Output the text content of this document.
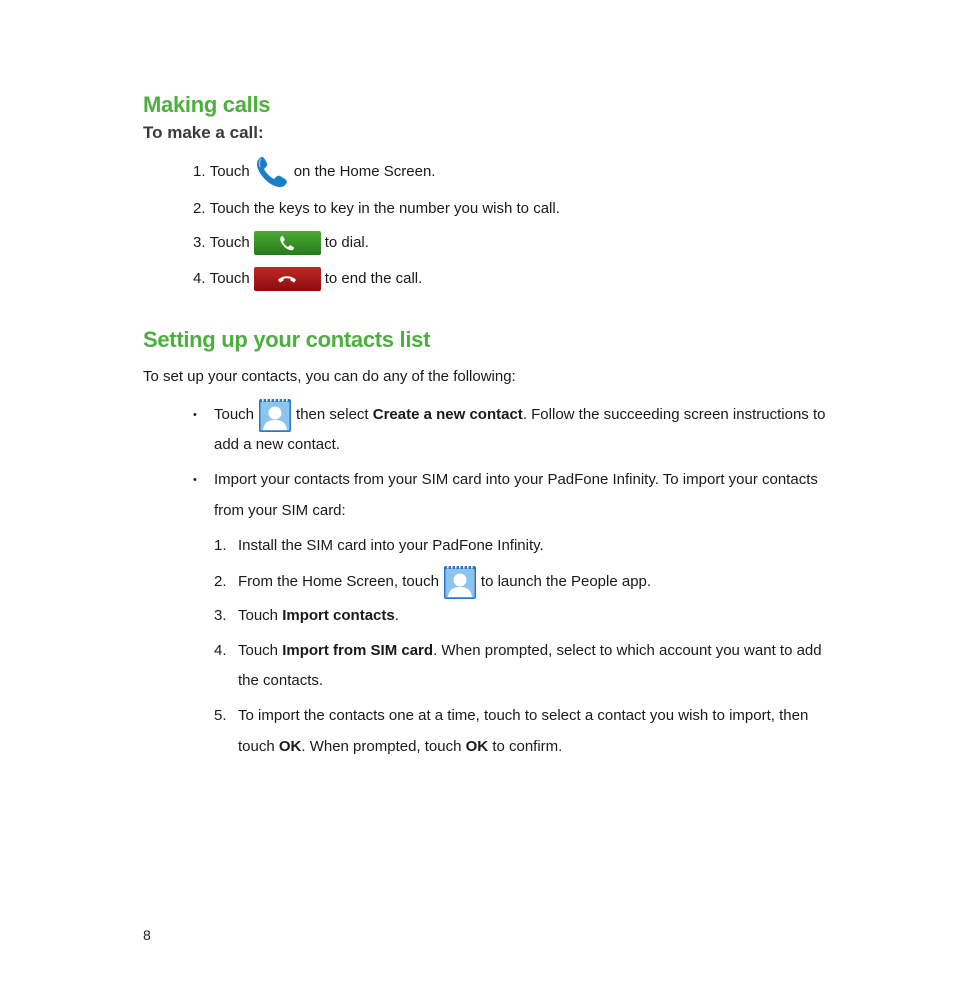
Making calls
To make a call:
1.
Touch	on the Home Screen.
2.
Touch the keys to key in the number you wish to call.
3.
Touch	to dial.
4.
Touch	to end the call.
Setting up your contacts list
To set up your contacts, you can do any of the following:
•	Touch	then select
Create a new contact . Follow the succeeding screen instructions to
add a new contact.
•	Import your contacts from your SIM card into your PadFone Infinity. To import your contacts
from your SIM card:
1. Install the SIM card into your PadFone Infinity.
2. From the Home Screen, touch	to launch the People app.
3. Touch
Import contacts .
4. Touch
Import from SIM card . When prompted, select to which account you want to add
the contacts.
5. To import the contacts one at a time, touch to select a contact you wish to import, then
touch
OK . When prompted, touch
OK
to confirm.
8
